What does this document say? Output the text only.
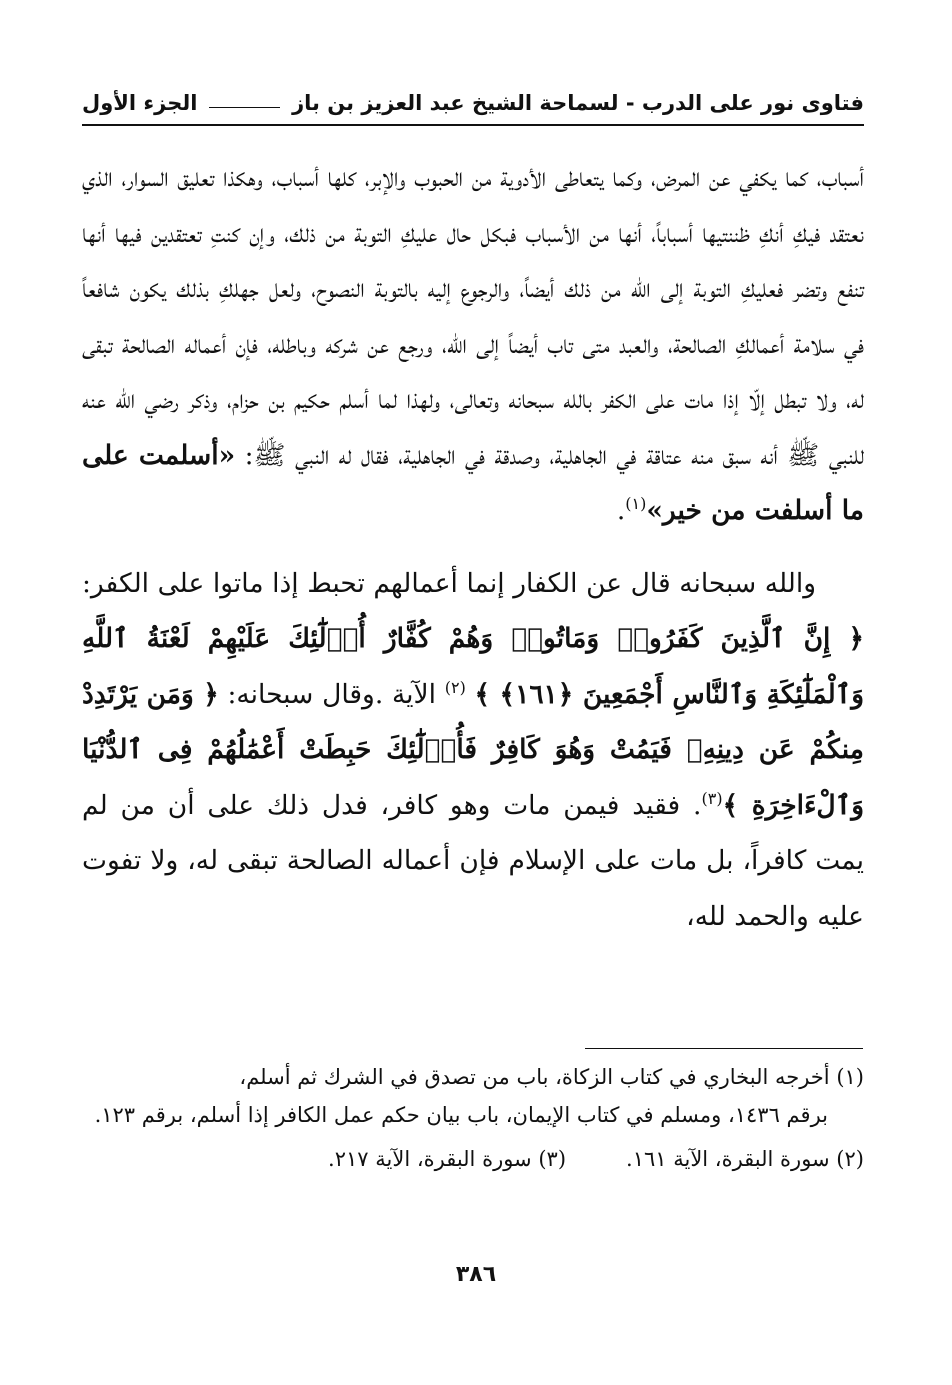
فتاوى نور على الدرب - لسماحة الشيخ عبد العزيز بن باز
الجزء الأول

أسباب، كما يكفي عن المرض، وكما يتعاطى الأدوية من الحبوب والإبر، كلها أسباب، وهكذا تعليق السوار، الذي نعتقد فيكِ أنكِ ظننتيها أسباباً، أنها من الأسباب فبكل حال عليكِ التوبة من ذلك، وإن كنتِ تعتقدين فيها أنها تنفع وتضر فعليكِ التوبة إلى الله من ذلك أيضاً، والرجوع إليه بالتوبة النصوح، ولعل جهلكِ بذلك يكون شافعاً في سلامة أعمالكِ الصالحة، والعبد متى تاب أيضاً إلى الله، ورجع عن شركه وباطله، فإن أعماله الصالحة تبقى له، ولا تبطل إلّا إذا مات على الكفر بالله سبحانه وتعالى، ولهذا لما أسلم حكيم بن حزام، وذكر رضي الله عنه للنبي ﷺ أنه سبق منه عتاقة في الجاهلية، وصدقة في الجاهلية، فقال له النبي ﷺ: «أسلمت على ما أسلفت من خير»$^{(١)}$.

والله سبحانه قال عن الكفار إنما أعمالهم تحبط إذا ماتوا على الكفر: ﴿ إِنَّ ٱلَّذِينَ كَفَرُوا۟ وَمَاتُوا۟ وَهُمْ كُفَّارٌ أُو۟لَٰٓئِكَ عَلَيْهِمْ لَعْنَةُ ٱللَّهِ وَٱلْمَلَٰٓئِكَةِ وَٱلنَّاسِ أَجْمَعِينَ ﴿١٦١﴾ ﴾ $^{(٢)}$ الآية .وقال سبحانه: ﴿ وَمَن يَرْتَدِدْ مِنكُمْ عَن دِينِهِۦ فَيَمُتْ وَهُوَ كَافِرٌ فَأُو۟لَٰٓئِكَ حَبِطَتْ أَعْمَٰلُهُمْ فِى ٱلدُّنْيَا وَٱلْءَاخِرَةِ ﴾$^{(٣)}$. فقيد فيمن مات وهو كافر، فدل ذلك على أن من لم يمت كافراً، بل مات على الإسلام فإن أعماله الصالحة تبقى له، ولا تفوت عليه والحمد لله،

(١) أخرجه البخاري في كتاب الزكاة، باب من تصدق في الشرك ثم أسلم،
برقم ١٤٣٦، ومسلم في كتاب الإيمان، باب بيان حكم عمل الكافر إذا أسلم، برقم ١٢٣.
(٢) سورة البقرة، الآية ١٦١.
(٣) سورة البقرة، الآية ٢١٧.
٣٨٦
